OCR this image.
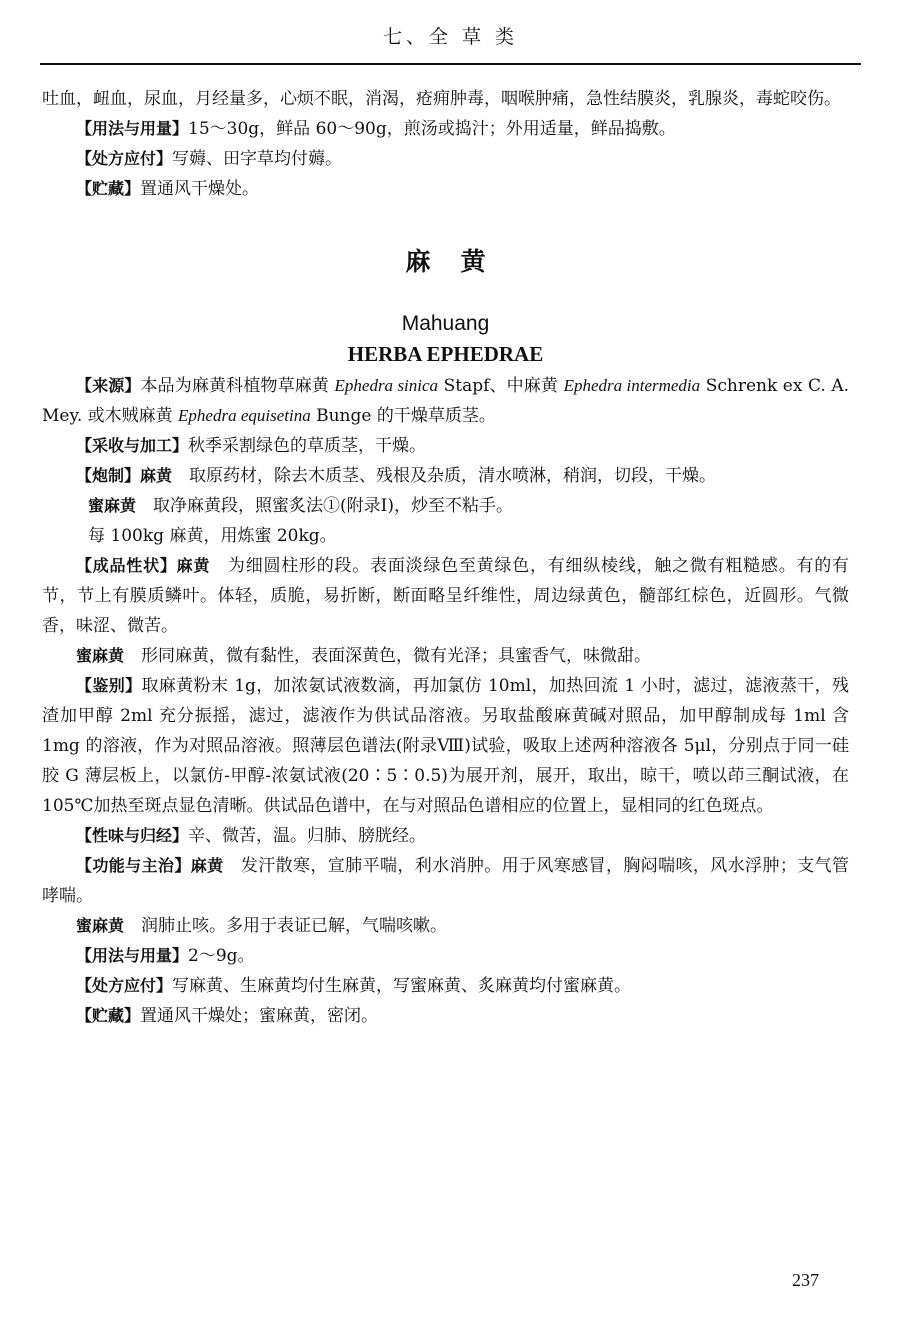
七、全 草 类

吐血，衄血，尿血，月经量多，心烦不眠，消渴，疮痈肿毒，咽喉肿痛，急性结膜炎，乳腺炎，毒蛇咬伤。

【用法与用量】15～30g，鲜品 60～90g，煎汤或捣汁；外用适量，鲜品捣敷。

【处方应付】写薅、田字草均付薅。

【贮藏】置通风干燥处。

麻黄
Mahuang
HERBA EPHEDRAE

【来源】本品为麻黄科植物草麻黄 Ephedra sinica Stapf、中麻黄 Ephedra intermedia Schrenk ex C. A. Mey. 或木贼麻黄 Ephedra equisetina Bunge 的干燥草质茎。

【采收与加工】秋季采割绿色的草质茎，干燥。

【炮制】麻黄　取原药材，除去木质茎、残根及杂质，清水喷淋，稍润，切段，干燥。

蜜麻黄　取净麻黄段，照蜜炙法①(附录Ⅰ)，炒至不粘手。

每 100kg 麻黄，用炼蜜 20kg。

【成品性状】麻黄　为细圆柱形的段。表面淡绿色至黄绿色，有细纵棱线，触之微有粗糙感。有的有节，节上有膜质鳞叶。体轻，质脆，易折断，断面略呈纤维性，周边绿黄色，髓部红棕色，近圆形。气微香，味涩、微苦。

蜜麻黄　形同麻黄，微有黏性，表面深黄色，微有光泽；具蜜香气，味微甜。

【鉴别】取麻黄粉末 1g，加浓氨试液数滴，再加氯仿 10ml，加热回流 1 小时，滤过，滤液蒸干，残渣加甲醇 2ml 充分振摇，滤过，滤液作为供试品溶液。另取盐酸麻黄碱对照品，加甲醇制成每 1ml 含 1mg 的溶液，作为对照品溶液。照薄层色谱法(附录Ⅷ)试验，吸取上述两种溶液各 5μl，分别点于同一硅胶 G 薄层板上，以氯仿-甲醇-浓氨试液(20∶5∶0.5)为展开剂，展开，取出，晾干，喷以茚三酮试液，在 105℃加热至斑点显色清晰。供试品色谱中，在与对照品色谱相应的位置上，显相同的红色斑点。

【性味与归经】辛、微苦，温。归肺、膀胱经。

【功能与主治】麻黄　发汗散寒，宣肺平喘，利水消肿。用于风寒感冒，胸闷喘咳，风水浮肿；支气管哮喘。

蜜麻黄　润肺止咳。多用于表证已解，气喘咳嗽。

【用法与用量】2～9g。

【处方应付】写麻黄、生麻黄均付生麻黄，写蜜麻黄、炙麻黄均付蜜麻黄。

【贮藏】置通风干燥处；蜜麻黄，密闭。

237
